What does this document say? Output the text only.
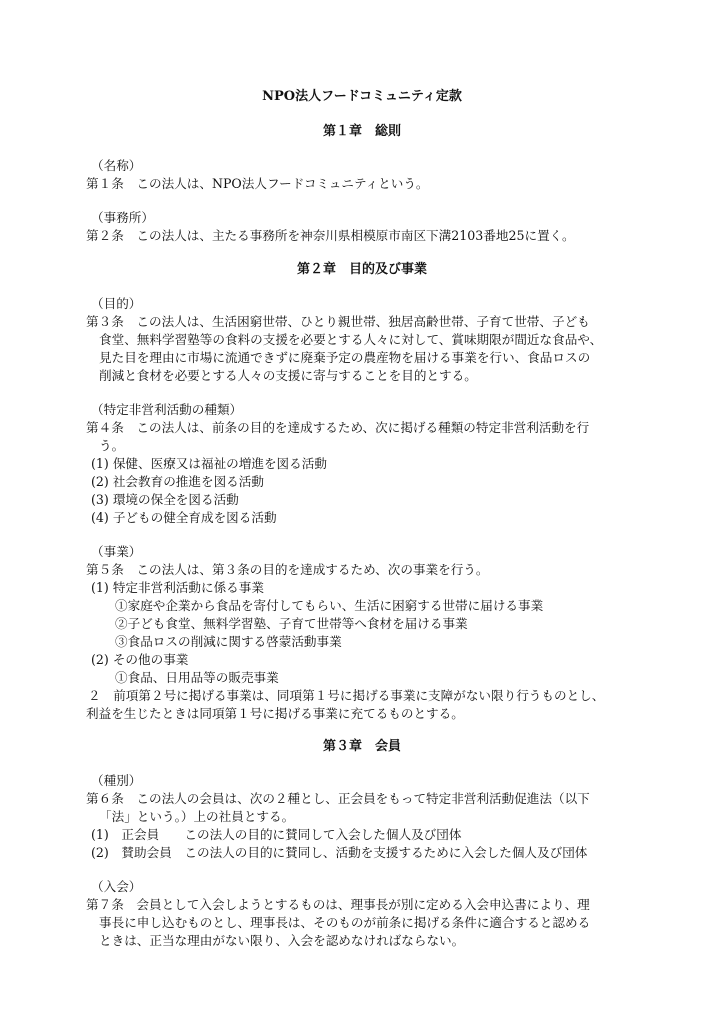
NPO法人フードコミュニティ定款
第１章　総則
（名称）
第１条　この法人は、NPO法人フードコミュニティという。
（事務所）
第２条　この法人は、主たる事務所を神奈川県相模原市南区下溝2103番地25に置く。
第２章　目的及び事業
（目的）
第３条　この法人は、生活困窮世帯、ひとり親世帯、独居高齢世帯、子育て世帯、子ども
食堂、無料学習塾等の食料の支援を必要とする人々に対して、賞味期限が間近な食品や、
見た目を理由に市場に流通できずに廃棄予定の農産物を届ける事業を行い、食品ロスの
削減と食材を必要とする人々の支援に寄与することを目的とする。
（特定非営利活動の種類）
第４条　この法人は、前条の目的を達成するため、次に掲げる種類の特定非営利活動を行
う。
(1) 保健、医療又は福祉の増進を図る活動
(2) 社会教育の推進を図る活動
(3) 環境の保全を図る活動
(4) 子どもの健全育成を図る活動
（事業）
第５条　この法人は、第３条の目的を達成するため、次の事業を行う。
(1) 特定非営利活動に係る事業
①家庭や企業から食品を寄付してもらい、生活に困窮する世帯に届ける事業
②子ども食堂、無料学習塾、子育て世帯等へ食材を届ける事業
③食品ロスの削減に関する啓蒙活動事業
(2) その他の事業
①食品、日用品等の販売事業
２　前項第２号に掲げる事業は、同項第１号に掲げる事業に支障がない限り行うものとし、
利益を生じたときは同項第１号に掲げる事業に充てるものとする。
第３章　会員
（種別）
第６条　この法人の会員は、次の２種とし、正会員をもって特定非営利活動促進法（以下
「法」という。）上の社員とする。
(1)　正会員　　この法人の目的に賛同して入会した個人及び団体
(2)　賛助会員　この法人の目的に賛同し、活動を支援するために入会した個人及び団体
（入会）
第７条　会員として入会しようとするものは、理事長が別に定める入会申込書により、理
事長に申し込むものとし、理事長は、そのものが前条に掲げる条件に適合すると認める
ときは、正当な理由がない限り、入会を認めなければならない。
